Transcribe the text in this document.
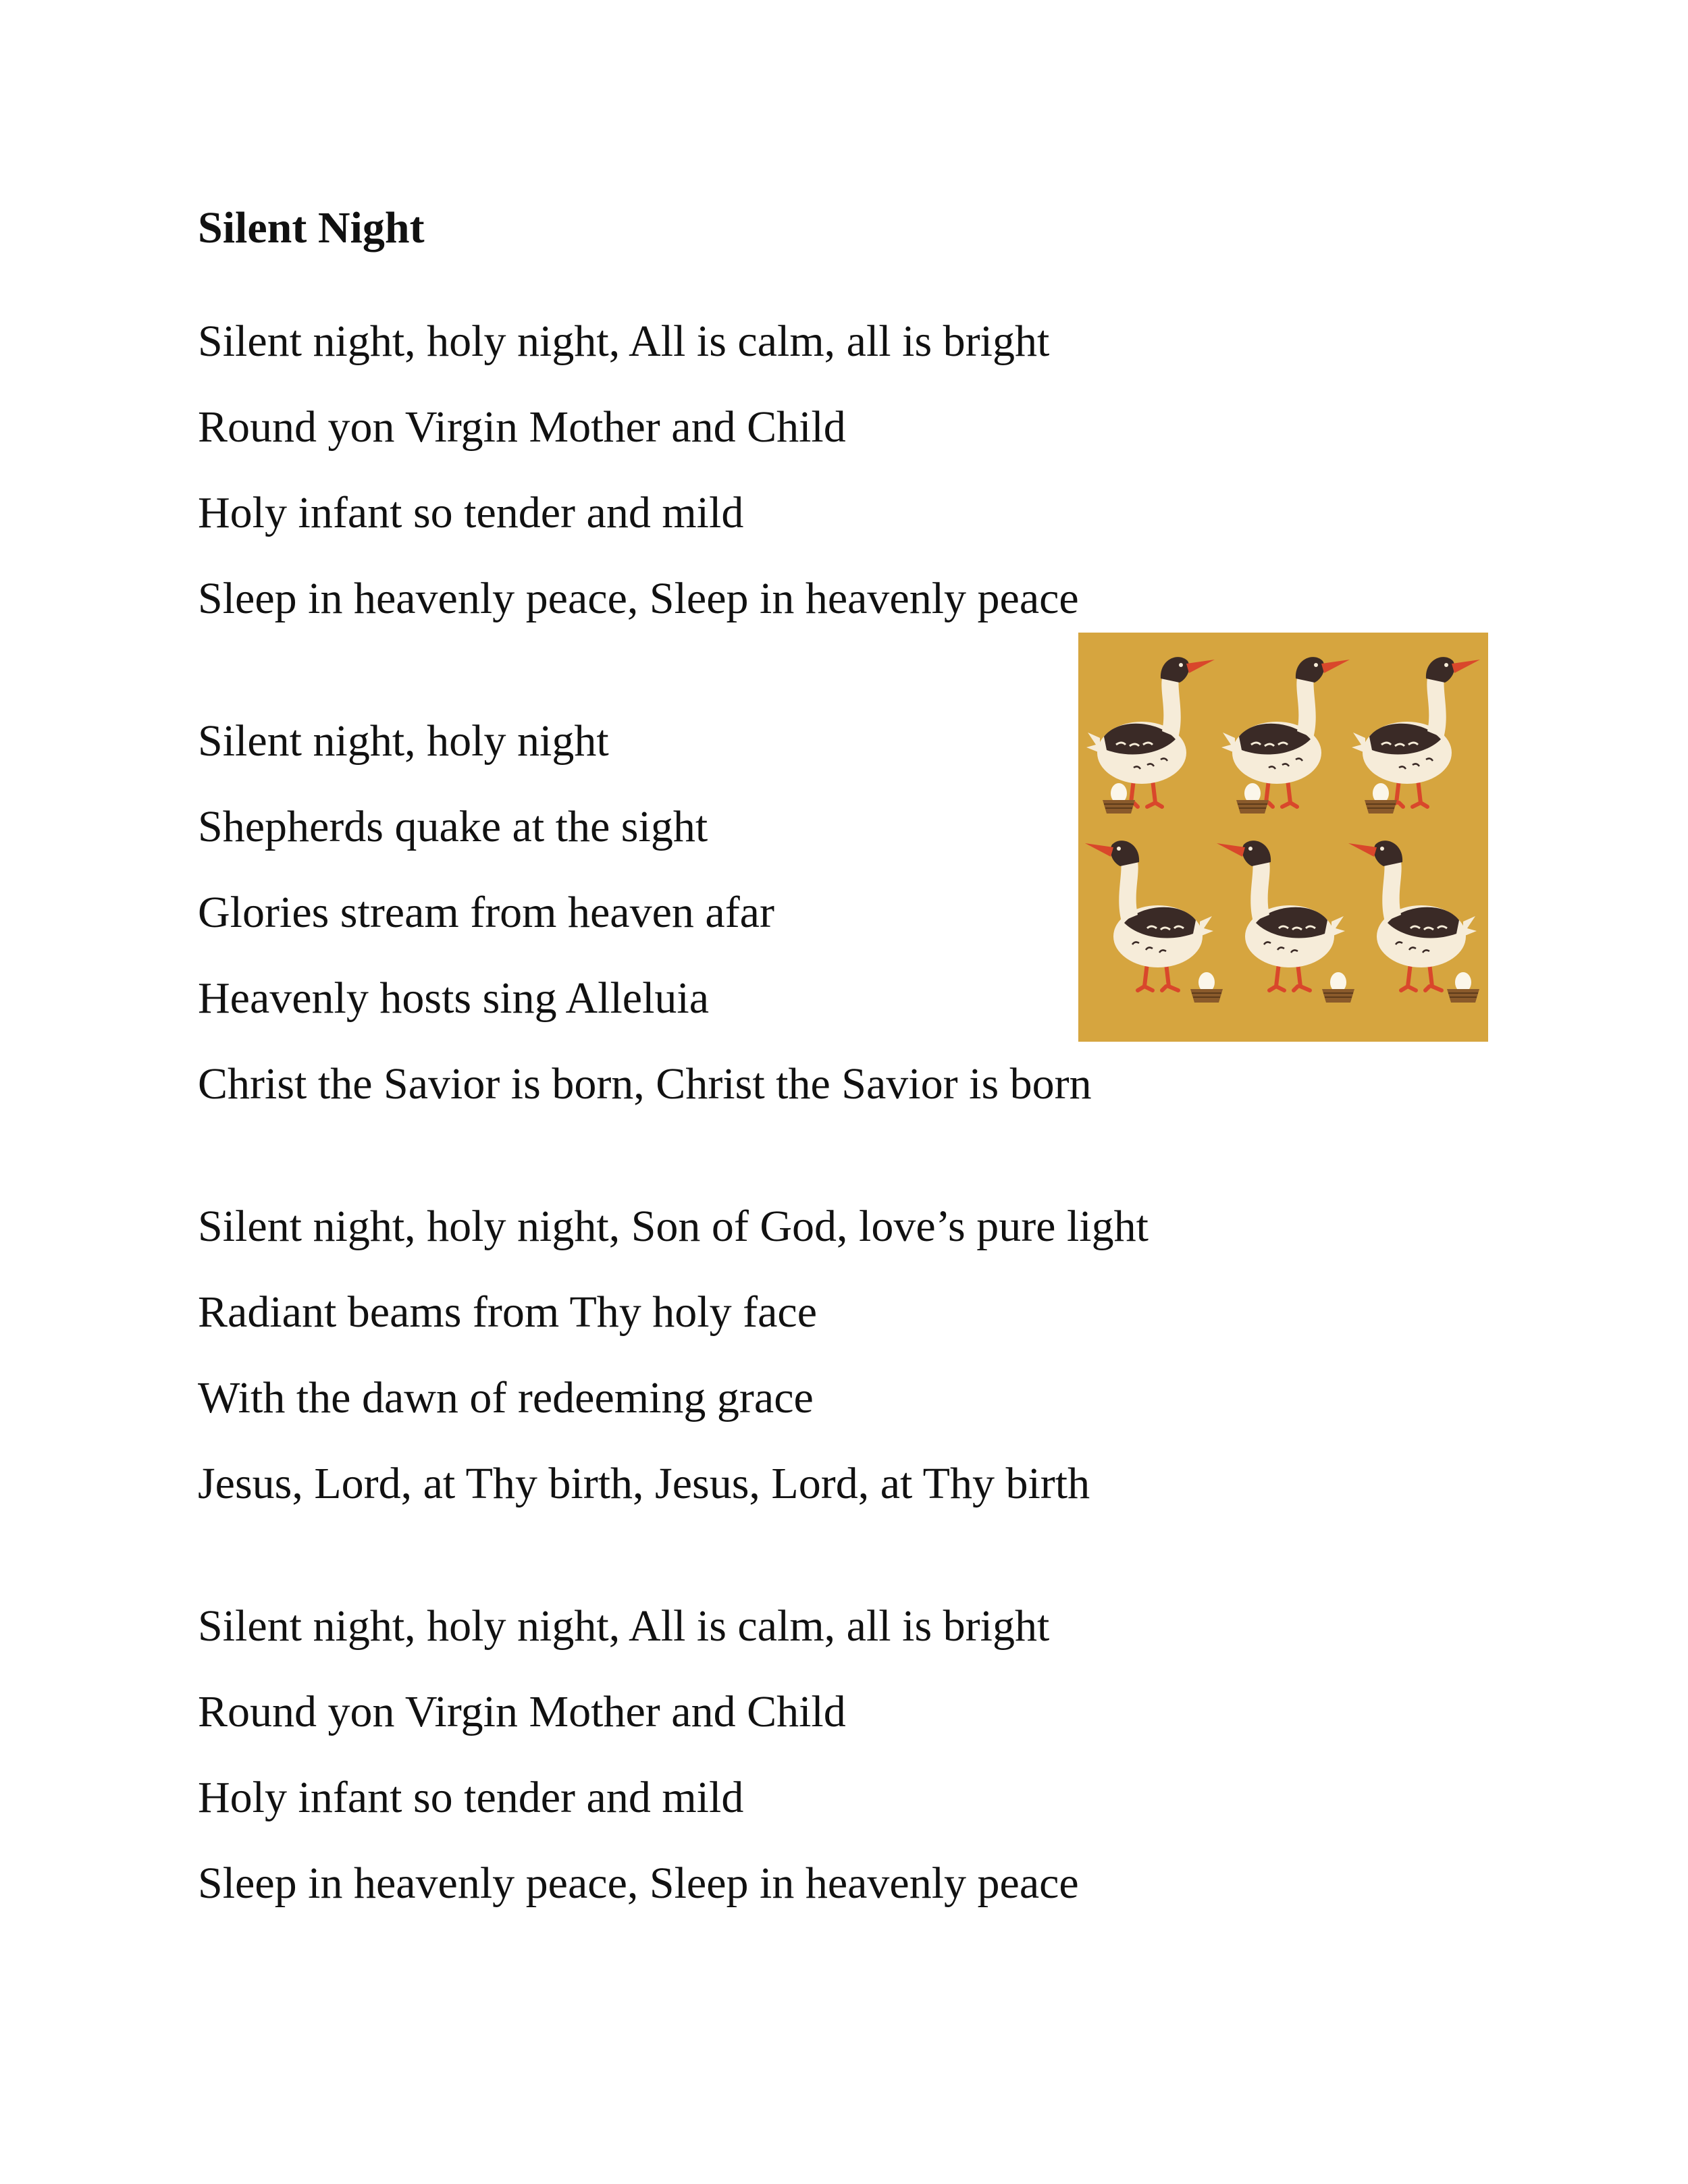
Silent Night
Silent night, holy night, All is calm, all is bright
Round yon Virgin Mother and Child
Holy infant so tender and mild
Sleep in heavenly peace, Sleep in heavenly peace
Silent night, holy night
Shepherds quake at the sight
Glories stream from heaven afar
Heavenly hosts sing Alleluia
Christ the Savior is born, Christ the Savior is born
Silent night, holy night, Son of God, love’s pure light
Radiant beams from Thy holy face
With the dawn of redeeming grace
Jesus, Lord, at Thy birth, Jesus, Lord, at Thy birth
Silent night, holy night, All is calm, all is bright
Round yon Virgin Mother and Child
Holy infant so tender and mild
Sleep in heavenly peace, Sleep in heavenly peace
